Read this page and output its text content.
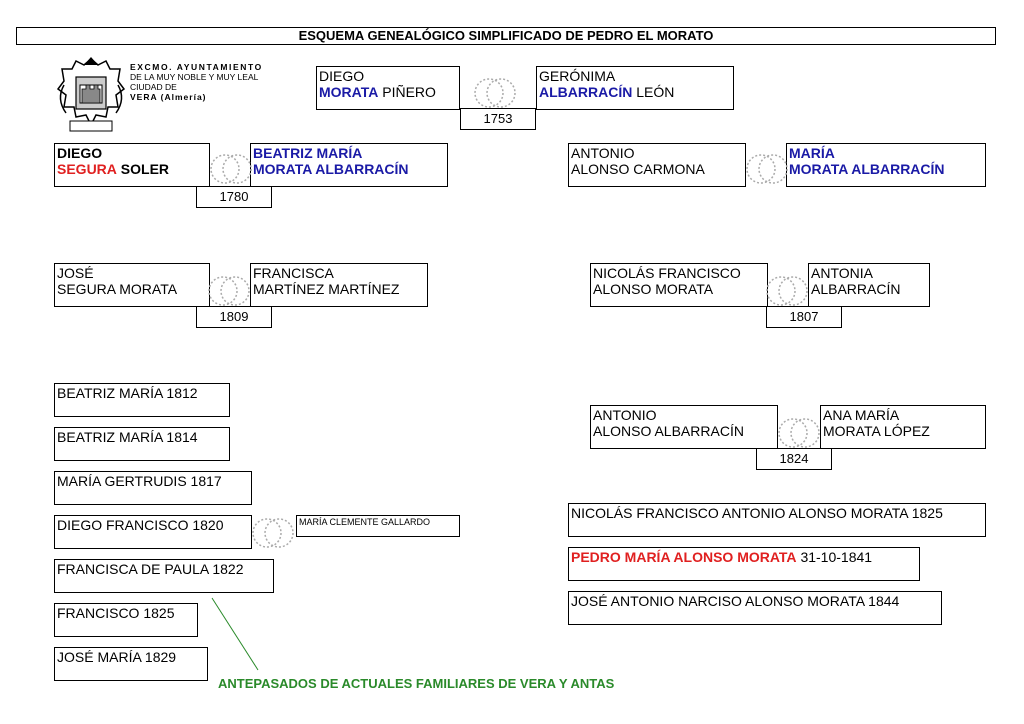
ESQUEMA GENEALÓGICO SIMPLIFICADO DE PEDRO EL MORATO
EXCMO. AYUNTAMIENTO
DE LA MUY NOBLE Y MUY LEAL
CIUDAD DE
VERA (Almería)
DIEGO
MORATA PIÑERO
GERÓNIMA
ALBARRACÍN LEÓN
1753
DIEGO
SEGURA SOLER
BEATRIZ MARÍA
MORATA ALBARRACÍN
1780
ANTONIO
ALONSO CARMONA
MARÍA
MORATA ALBARRACÍN
JOSÉ
SEGURA MORATA
FRANCISCA
MARTÍNEZ MARTÍNEZ
1809
NICOLÁS FRANCISCO
ALONSO MORATA
ANTONIA
ALBARRACÍN
1807
BEATRIZ MARÍA 1812
BEATRIZ MARÍA 1814
MARÍA GERTRUDIS 1817
DIEGO FRANCISCO 1820
FRANCISCA DE PAULA 1822
FRANCISCO 1825
JOSÉ MARÍA 1829
MARÍA CLEMENTE GALLARDO
ANTONIO
ALONSO ALBARRACÍN
ANA MARÍA
MORATA LÓPEZ
1824
NICOLÁS FRANCISCO ANTONIO ALONSO MORATA 1825
PEDRO MARÍA ALONSO MORATA 31-10-1841
JOSÉ ANTONIO NARCISO ALONSO MORATA 1844
ANTEPASADOS DE ACTUALES FAMILIARES DE VERA Y ANTAS
